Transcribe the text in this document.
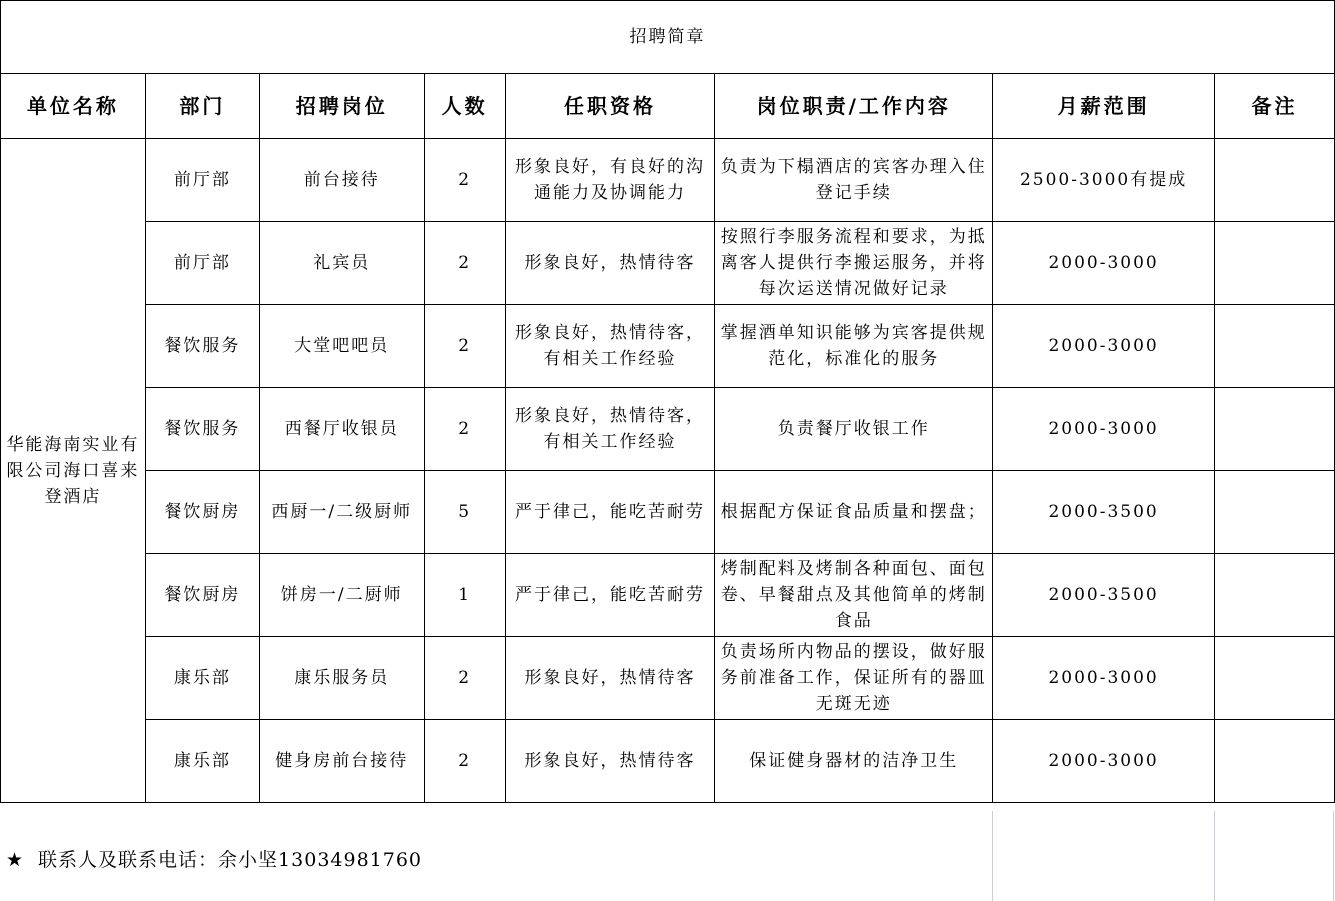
招聘简章							
单位名称	部门	招聘岗位	人数	任职资格	岗位职责/工作内容	月薪范围	备注
华能海南实业有限公司海口喜来登酒店	前厅部	前台接待	2	形象良好，有良好的沟通能力及协调能力	负责为下榻酒店的宾客办理入住登记手续	2500-3000有提成	
	前厅部	礼宾员	2	形象良好，热情待客	按照行李服务流程和要求，为抵离客人提供行李搬运服务，并将每次运送情况做好记录	2000-3000	
	餐饮服务	大堂吧吧员	2	形象良好，热情待客，有相关工作经验	掌握酒单知识能够为宾客提供规范化，标准化的服务	2000-3000	
	餐饮服务	西餐厅收银员	2	形象良好，热情待客，有相关工作经验	负责餐厅收银工作	2000-3000	
	餐饮厨房	西厨一/二级厨师	5	严于律己，能吃苦耐劳	根据配方保证食品质量和摆盘；	2000-3500	
	餐饮厨房	饼房一/二厨师	1	严于律己，能吃苦耐劳	烤制配料及烤制各种面包、面包卷、早餐甜点及其他简单的烤制食品	2000-3500	
	康乐部	康乐服务员	2	形象良好，热情待客	负责场所内物品的摆设，做好服务前准备工作，保证所有的器皿无斑无迹	2000-3000	
	康乐部	健身房前台接待	2	形象良好，热情待客	保证健身器材的洁净卫生	2000-3000	
★ 联系人及联系电话：余小坚13034981760
